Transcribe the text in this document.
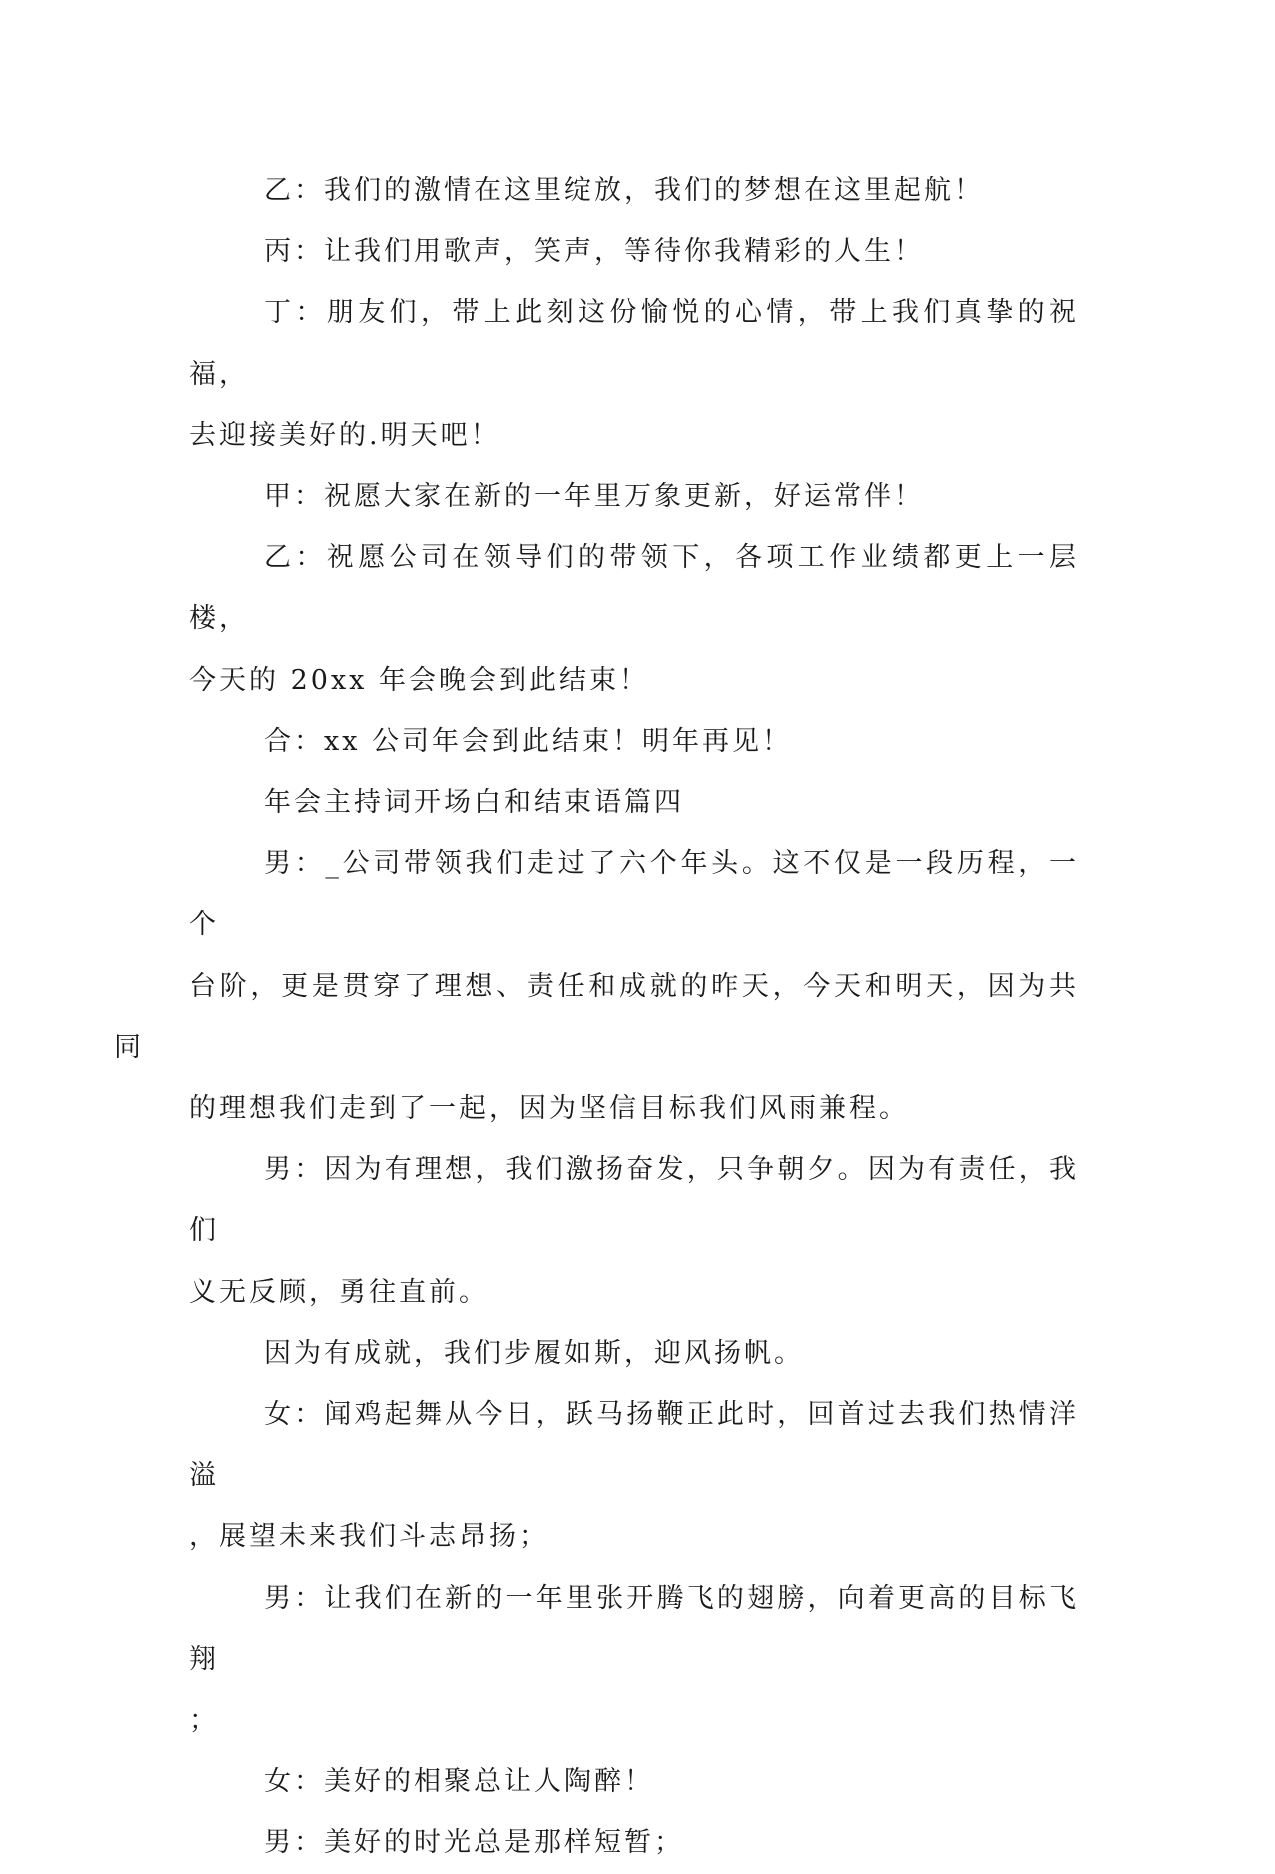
乙：我们的激情在这里绽放，我们的梦想在这里起航！

丙：让我们用歌声，笑声，等待你我精彩的人生！

丁：朋友们，带上此刻这份愉悦的心情，带上我们真挚的祝福，
去迎接美好的.明天吧！

甲：祝愿大家在新的一年里万象更新，好运常伴！

乙：祝愿公司在领导们的带领下，各项工作业绩都更上一层楼，
今天的 20xx 年会晚会到此结束！

合：xx 公司年会到此结束！明年再见！

年会主持词开场白和结束语篇四

男：_公司带领我们走过了六个年头。这不仅是一段历程，一个
台阶，更是贯穿了理想、责任和成就的昨天，今天和明天，因为共同
的理想我们走到了一起，因为坚信目标我们风雨兼程。

男：因为有理想，我们激扬奋发，只争朝夕。因为有责任，我们
义无反顾，勇往直前。

因为有成就，我们步履如斯，迎风扬帆。

女：闻鸡起舞从今日，跃马扬鞭正此时，回首过去我们热情洋溢
，展望未来我们斗志昂扬；

男：让我们在新的一年里张开腾飞的翅膀，向着更高的目标飞翔
；

女：美好的相聚总让人陶醉！

男：美好的时光总是那样短暂；
